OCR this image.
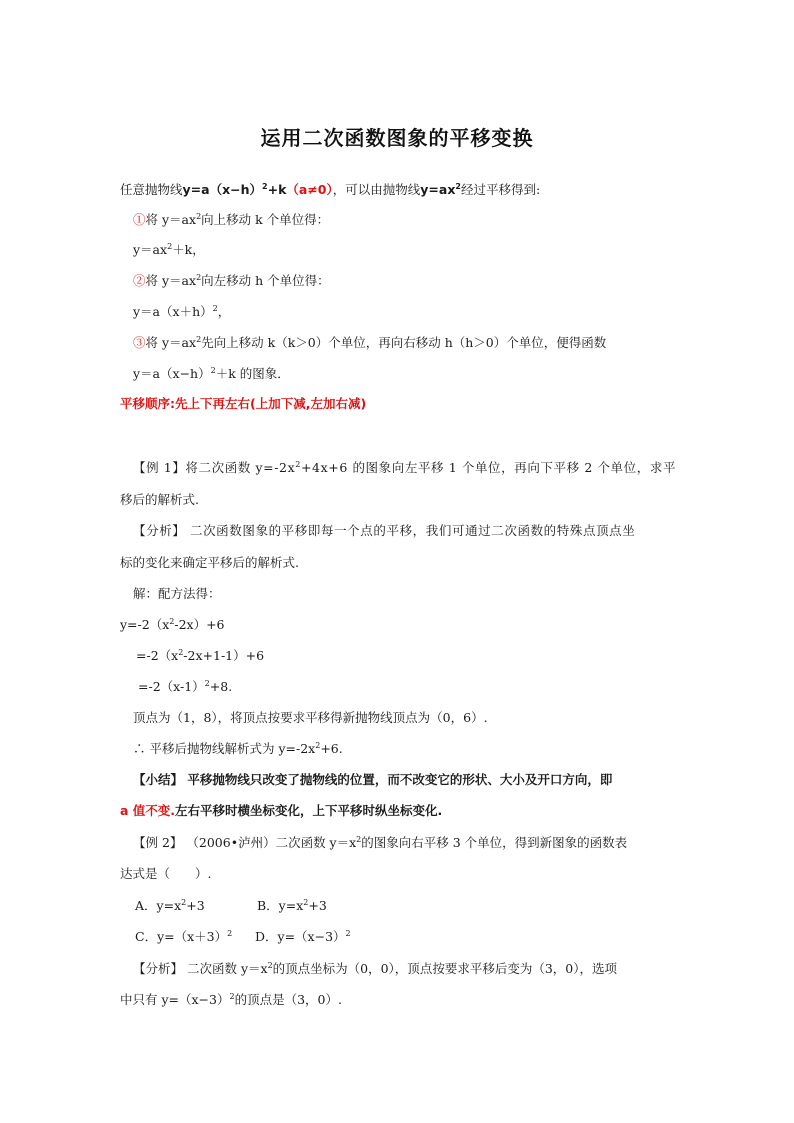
运用二次函数图象的平移变换
任意抛物线$y=a(x-h)^2+k(a\ne 0)$，可以由抛物线$y=ax^2$经过平移得到:
①将 $y=ax^2$向上移动 k 个单位得：
$y=ax^2+k$，
②将 $y=ax^2$向左移动 h 个单位得：
$y=a(x+h)^2$，
③将 $y=ax^2$先向上移动 k（k＞0）个单位，再向右移动 h（h＞0）个单位，便得函数
$y=a(x-h)^2+k$ 的图象．
平移顺序:先上下再左右(上加下减,左加右减)
【例 1】将二次函数 $y=-2x^2+4x+6$ 的图象向左平移 1 个单位，再向下平移 2 个单位，求平
移后的解析式.
【分析】 二次函数图象的平移即每一个点的平移，我们可通过二次函数的特殊点顶点坐
标的变化来确定平移后的解析式.
解：配方法得：
$y=-2(x^2-2x)+6$
$=-2(x^2-2x+1-1)+6$
$=-2(x-1)^2+8$.
顶点为（1，8），将顶点按要求平移得新抛物线顶点为（0，6）.
∴ 平移后抛物线解析式为 $y=-2x^2+6$.
【小结】 平移抛物线只改变了抛物线的位置，而不改变它的形状、大小及开口方向，即
a 值不变.左右平移时横坐标变化，上下平移时纵坐标变化.
【例 2】 （2006•泸州）二次函数 $y=x^2$的图象向右平移 3 个单位，得到新图象的函数表
达式是（　　）.
A．$y=x^2+3$	B．$y=x^2+3$
C．$y=(x+3)^2$ D．$y=(x-3)^2$
【分析】 二次函数 $y=x^2$的顶点坐标为（0，0），顶点按要求平移后变为（3，0），选项
中只有 $y=(x-3)^2$的顶点是（3，0）.
